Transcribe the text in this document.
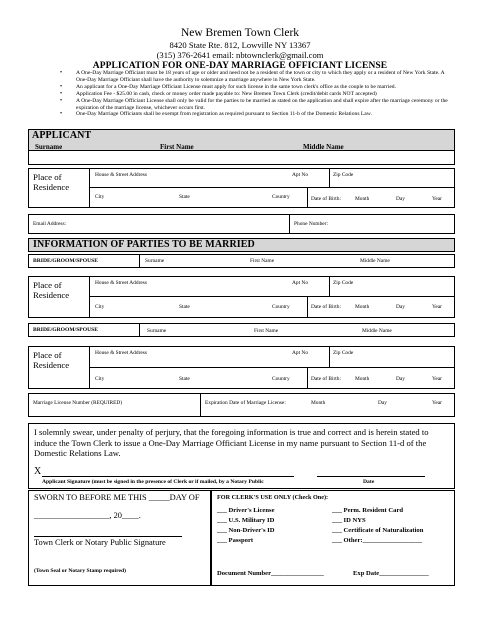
New Bremen Town Clerk
8420 State Rte. 812, Lowville NY 13367
(315) 376-2641 email: nbtownclerk@gmail.com
APPLICATION FOR ONE-DAY MARRIAGE OFFICIANT LICENSE
• A One-Day Marriage Officiant must be 18 years of age or older and need not be a resident of the town or city to which they apply or a resident of New York State. A One-Day Marriage Officiant shall have the authority to solemnize a marriage anywhere in New York State.
• An applicant for a One-Day Marriage Officiant License must apply for such license in the same town clerk's office as the couple to be married.
• Application Fee - $25.00 in cash, check or money order made payable to: New Bremen Town Clerk (credit/debit cards NOT accepted)
• A One-Day Marriage Officiant License shall only be valid for the parties to be married as stated on the application and shall expire after the marriage ceremony or the expiration of the marriage license, whichever occurs first.
• One-Day Marriage Officiants shall be exempt from registration as required pursuant to Section 11-b of the Domestic Relations Law.
APPLICANT
Surname	First Name	Middle Name
Place of Residence
House & Street Address	Apt No	Zip Code
City	State	Country	Date of Birth:	Month	Day	Year
Email Address:	Phone Number:
INFORMATION OF PARTIES TO BE MARRIED
BRIDE/GROOM/SPOUSE	Surname	First Name	Middle Name
Place of Residence
House & Street Address	Apt No	Zip Code
City	State	Country	Date of Birth:	Month	Day	Year
BRIDE/GROOM/SPOUSE	Surname	First Name	Middle Name
Place of Residence
House & Street Address	Apt No	Zip Code
City	State	Country	Date of Birth:	Month	Day	Year
Marriage License Number (REQUIRED)	Expiration Date of Marriage License:	Month	Day	Year
I solemnly swear, under penalty of perjury, that the foregoing information is true and correct and is herein stated to induce the Town Clerk to issue a One-Day Marriage Officiant License in my name pursuant to Section 11-d of the Domestic Relations Law.
X
Applicant Signature (must be signed in the presence of Clerk or if mailed, by a Notary Public	Date
SWORN TO BEFORE ME THIS _____DAY OF
__________________, 20____.
Town Clerk or Notary Public Signature
(Town Seal or Notary Stamp required)
FOR CLERK'S USE ONLY (Check One):
___ Driver's License
___ U.S. Military ID
___ Non-Driver's ID
___ Passport
___ Perm. Resident Card
___ ID NYS
___ Certificate of Naturalization
___ Other:__________________
Document Number________________	Exp Date_______________
